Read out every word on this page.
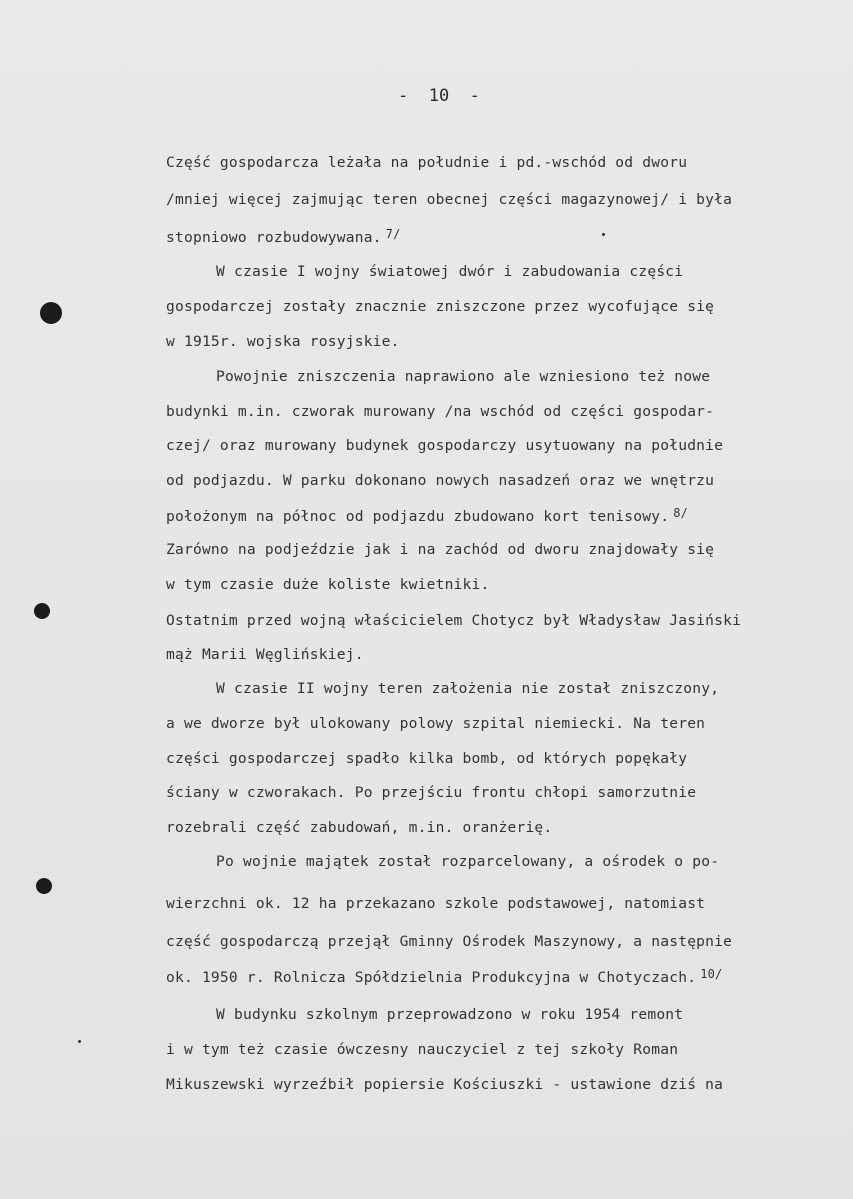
-  10  -
Część gospodarcza leżała na południe i pd.-wschód od dworu
/mniej więcej zajmując teren obecnej części magazynowej/ i była
stopniowo rozbudowywana. $^{7/}$
W czasie I wojny światowej dwór i zabudowania części
gospodarczej zostały znacznie zniszczone przez wycofujące się
w 1915r. wojska rosyjskie.
Powojnie zniszczenia naprawiono ale wzniesiono też nowe
budynki m.in. czworak murowany /na wschód od części gospodar-
czej/ oraz murowany budynek gospodarczy usytuowany na południe
od podjazdu. W parku dokonano nowych nasadzeń oraz we wnętrzu
położonym na północ od podjazdu zbudowano kort tenisowy. $^{8/}$
Zarówno na podjeździe jak i na zachód od dworu znajdowały się
w tym czasie duże koliste kwietniki.
Ostatnim przed wojną właścicielem Chotycz był Władysław Jasiński
mąż Marii Węglińskiej.
W czasie II wojny teren założenia nie został zniszczony,
a we dworze był ulokowany polowy szpital niemiecki. Na teren
części gospodarczej spadło kilka bomb, od których popękały
ściany w czworakach. Po przejściu frontu chłopi samorzutnie
rozebrali część zabudowań, m.in. oranżerię.
Po wojnie majątek został rozparcelowany, a ośrodek o po-
wierzchni ok. 12 ha przekazano szkole podstawowej, natomiast
część gospodarczą przejął Gminny Ośrodek Maszynowy, a następnie
ok. 1950 r. Rolnicza Spółdzielnia Produkcyjna w Chotyczach. $^{10/}$
W budynku szkolnym przeprowadzono w roku 1954 remont
i w tym też czasie ówczesny nauczyciel z tej szkoły Roman
Mikuszewski wyrzeźbił popiersie Kościuszki - ustawione dziś na
